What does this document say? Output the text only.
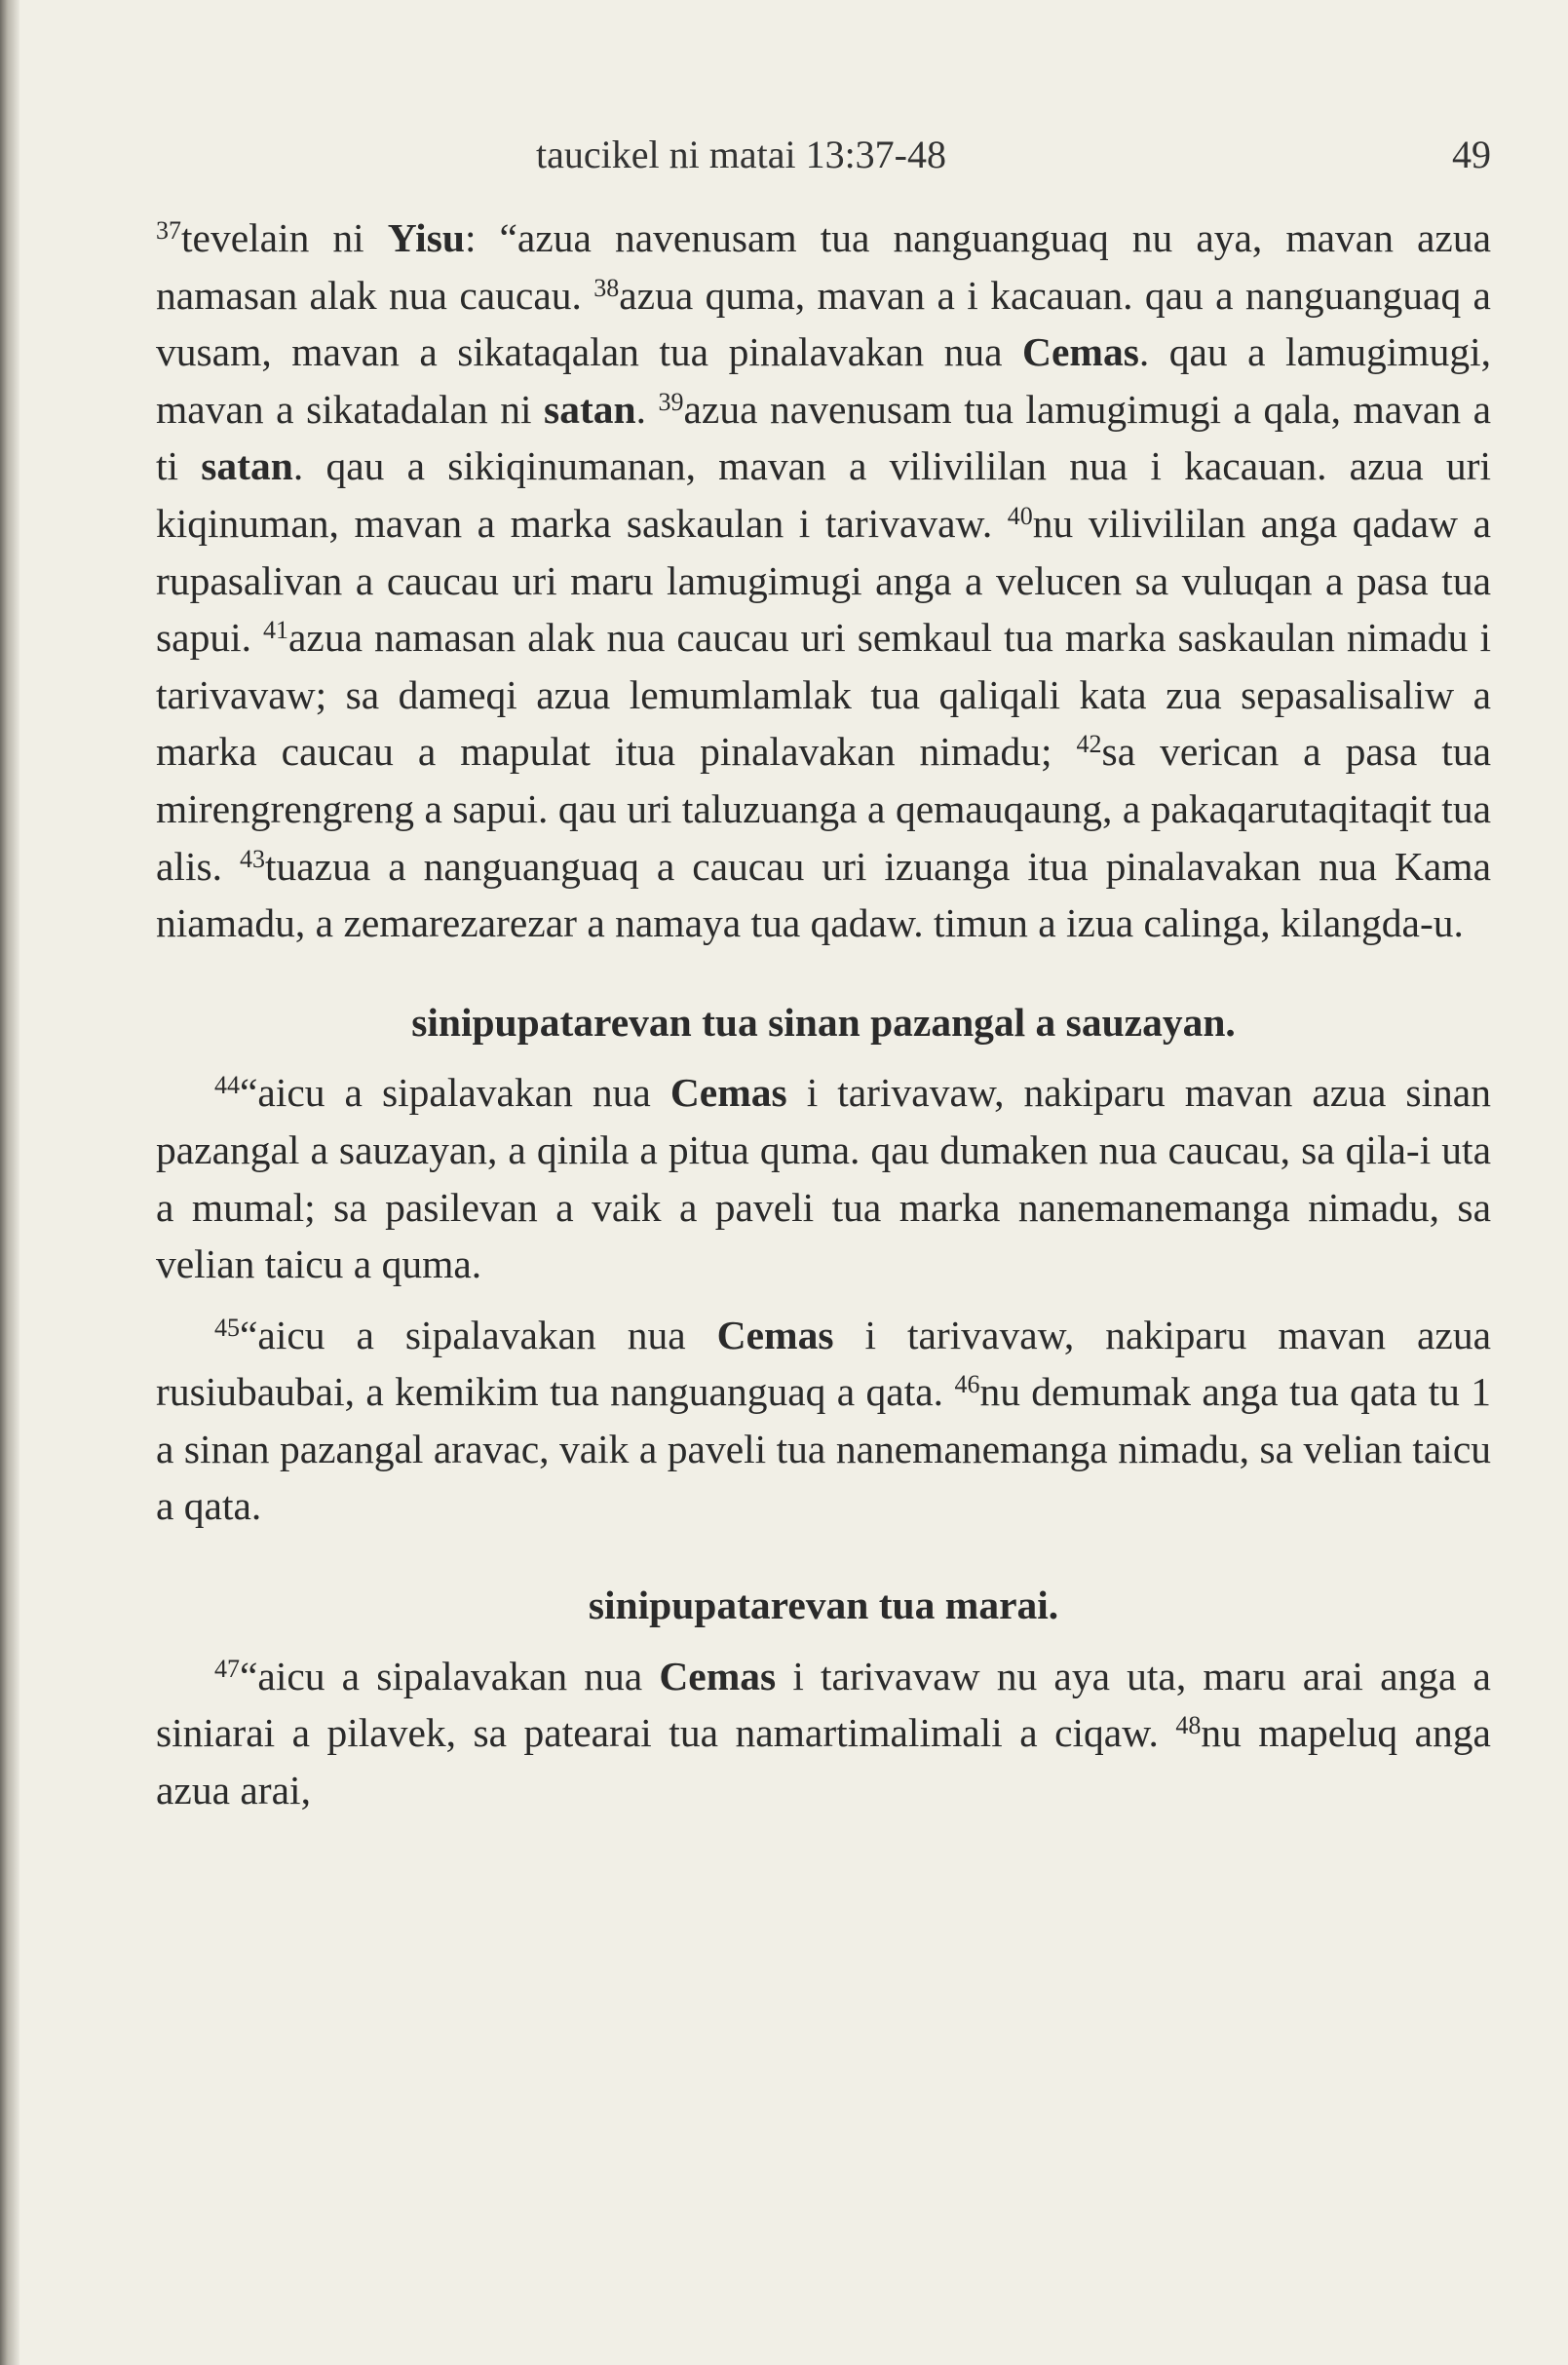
taucikel ni matai 13:37-48	49

$^{37}$tevelain ni Yisu: “azua navenusam tua nanguanguaq nu aya, mavan azua namasan alak nua caucau. $^{38}$azua quma, mavan a i kacauan. qau a nanguanguaq a vusam, mavan a sikataqalan tua pinalavakan nua Cemas. qau a lamugimugi, mavan a sikatadalan ni satan. $^{39}$azua navenusam tua lamugimugi a qala, mavan a ti satan. qau a sikiqinumanan, mavan a vilivililan nua i kacauan. azua uri kiqinuman, mavan a marka saskaulan i tarivavaw. $^{40}$nu vilivililan anga qadaw a rupasalivan a caucau uri maru lamugimugi anga a velucen sa vuluqan a pasa tua sapui. $^{41}$azua namasan alak nua caucau uri semkaul tua marka saskaulan nimadu i tarivavaw; sa dameqi azua lemumlamlak tua qaliqali kata zua sepasalisaliw a marka caucau a mapulat itua pinalavakan nimadu; $^{42}$sa verican a pasa tua mirengrengreng a sapui. qau uri taluzuanga a qemauqaung, a pakaqarutaqitaqit tua alis. $^{43}$tuazua a nanguanguaq a caucau uri izuanga itua pinalavakan nua Kama niamadu, a zemarezarezar a namaya tua qadaw. timun a izua calinga, kilangda-u.

sinipupatarevan tua sinan pazangal a sauzayan.

$^{44}$“aicu a sipalavakan nua Cemas i tarivavaw, nakiparu mavan azua sinan pazangal a sauzayan, a qinila a pitua quma. qau dumaken nua caucau, sa qila-i uta a mumal; sa pasilevan a vaik a paveli tua marka nanemanemanga nimadu, sa velian taicu a quma.

$^{45}$“aicu a sipalavakan nua Cemas i tarivavaw, nakiparu mavan azua rusiubaubai, a kemikim tua nanguanguaq a qata. $^{46}$nu demumak anga tua qata tu 1 a sinan pazangal aravac, vaik a paveli tua nanemanemanga nimadu, sa velian taicu a qata.

sinipupatarevan tua marai.

$^{47}$“aicu a sipalavakan nua Cemas i tarivavaw nu aya uta, maru arai anga a siniarai a pilavek, sa patearai tua namartimalimali a ciqaw. $^{48}$nu mapeluq anga azua arai,
